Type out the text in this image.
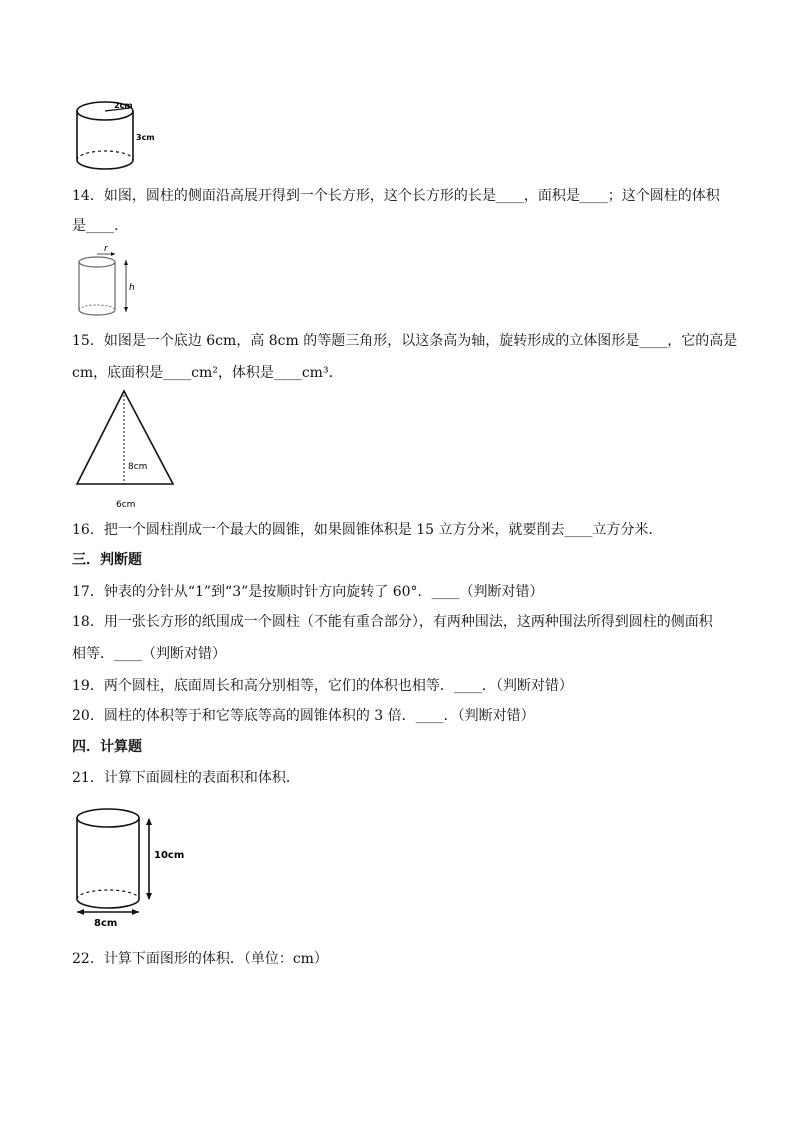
2cm
3cm
14．如图，圆柱的侧面沿高展开得到一个长方形，这个长方形的长是____，面积是____；这个圆柱的体积
是____.
r
h
15．如图是一个底边 6cm，高 8cm 的等题三角形，以这条高为轴，旋转形成的立体图形是____，它的高是
cm，底面积是____cm²，体积是____cm³．
8cm
6cm
16．把一个圆柱削成一个最大的圆锥，如果圆锥体积是 15 立方分米，就要削去____立方分米．
三．判断题
17．钟表的分针从“1”到“3”是按顺时针方向旋转了 60°．____（判断对错）
18．用一张长方形的纸围成一个圆柱（不能有重合部分），有两种围法，这两种围法所得到圆柱的侧面积
相等．____（判断对错）
19．两个圆柱，底面周长和高分别相等，它们的体积也相等．____．（判断对错）
20．圆柱的体积等于和它等底等高的圆锥体积的 3 倍．____．（判断对错）
四．计算题
21．计算下面圆柱的表面积和体积．
10cm
8cm
22．计算下面图形的体积．（单位：cm）
